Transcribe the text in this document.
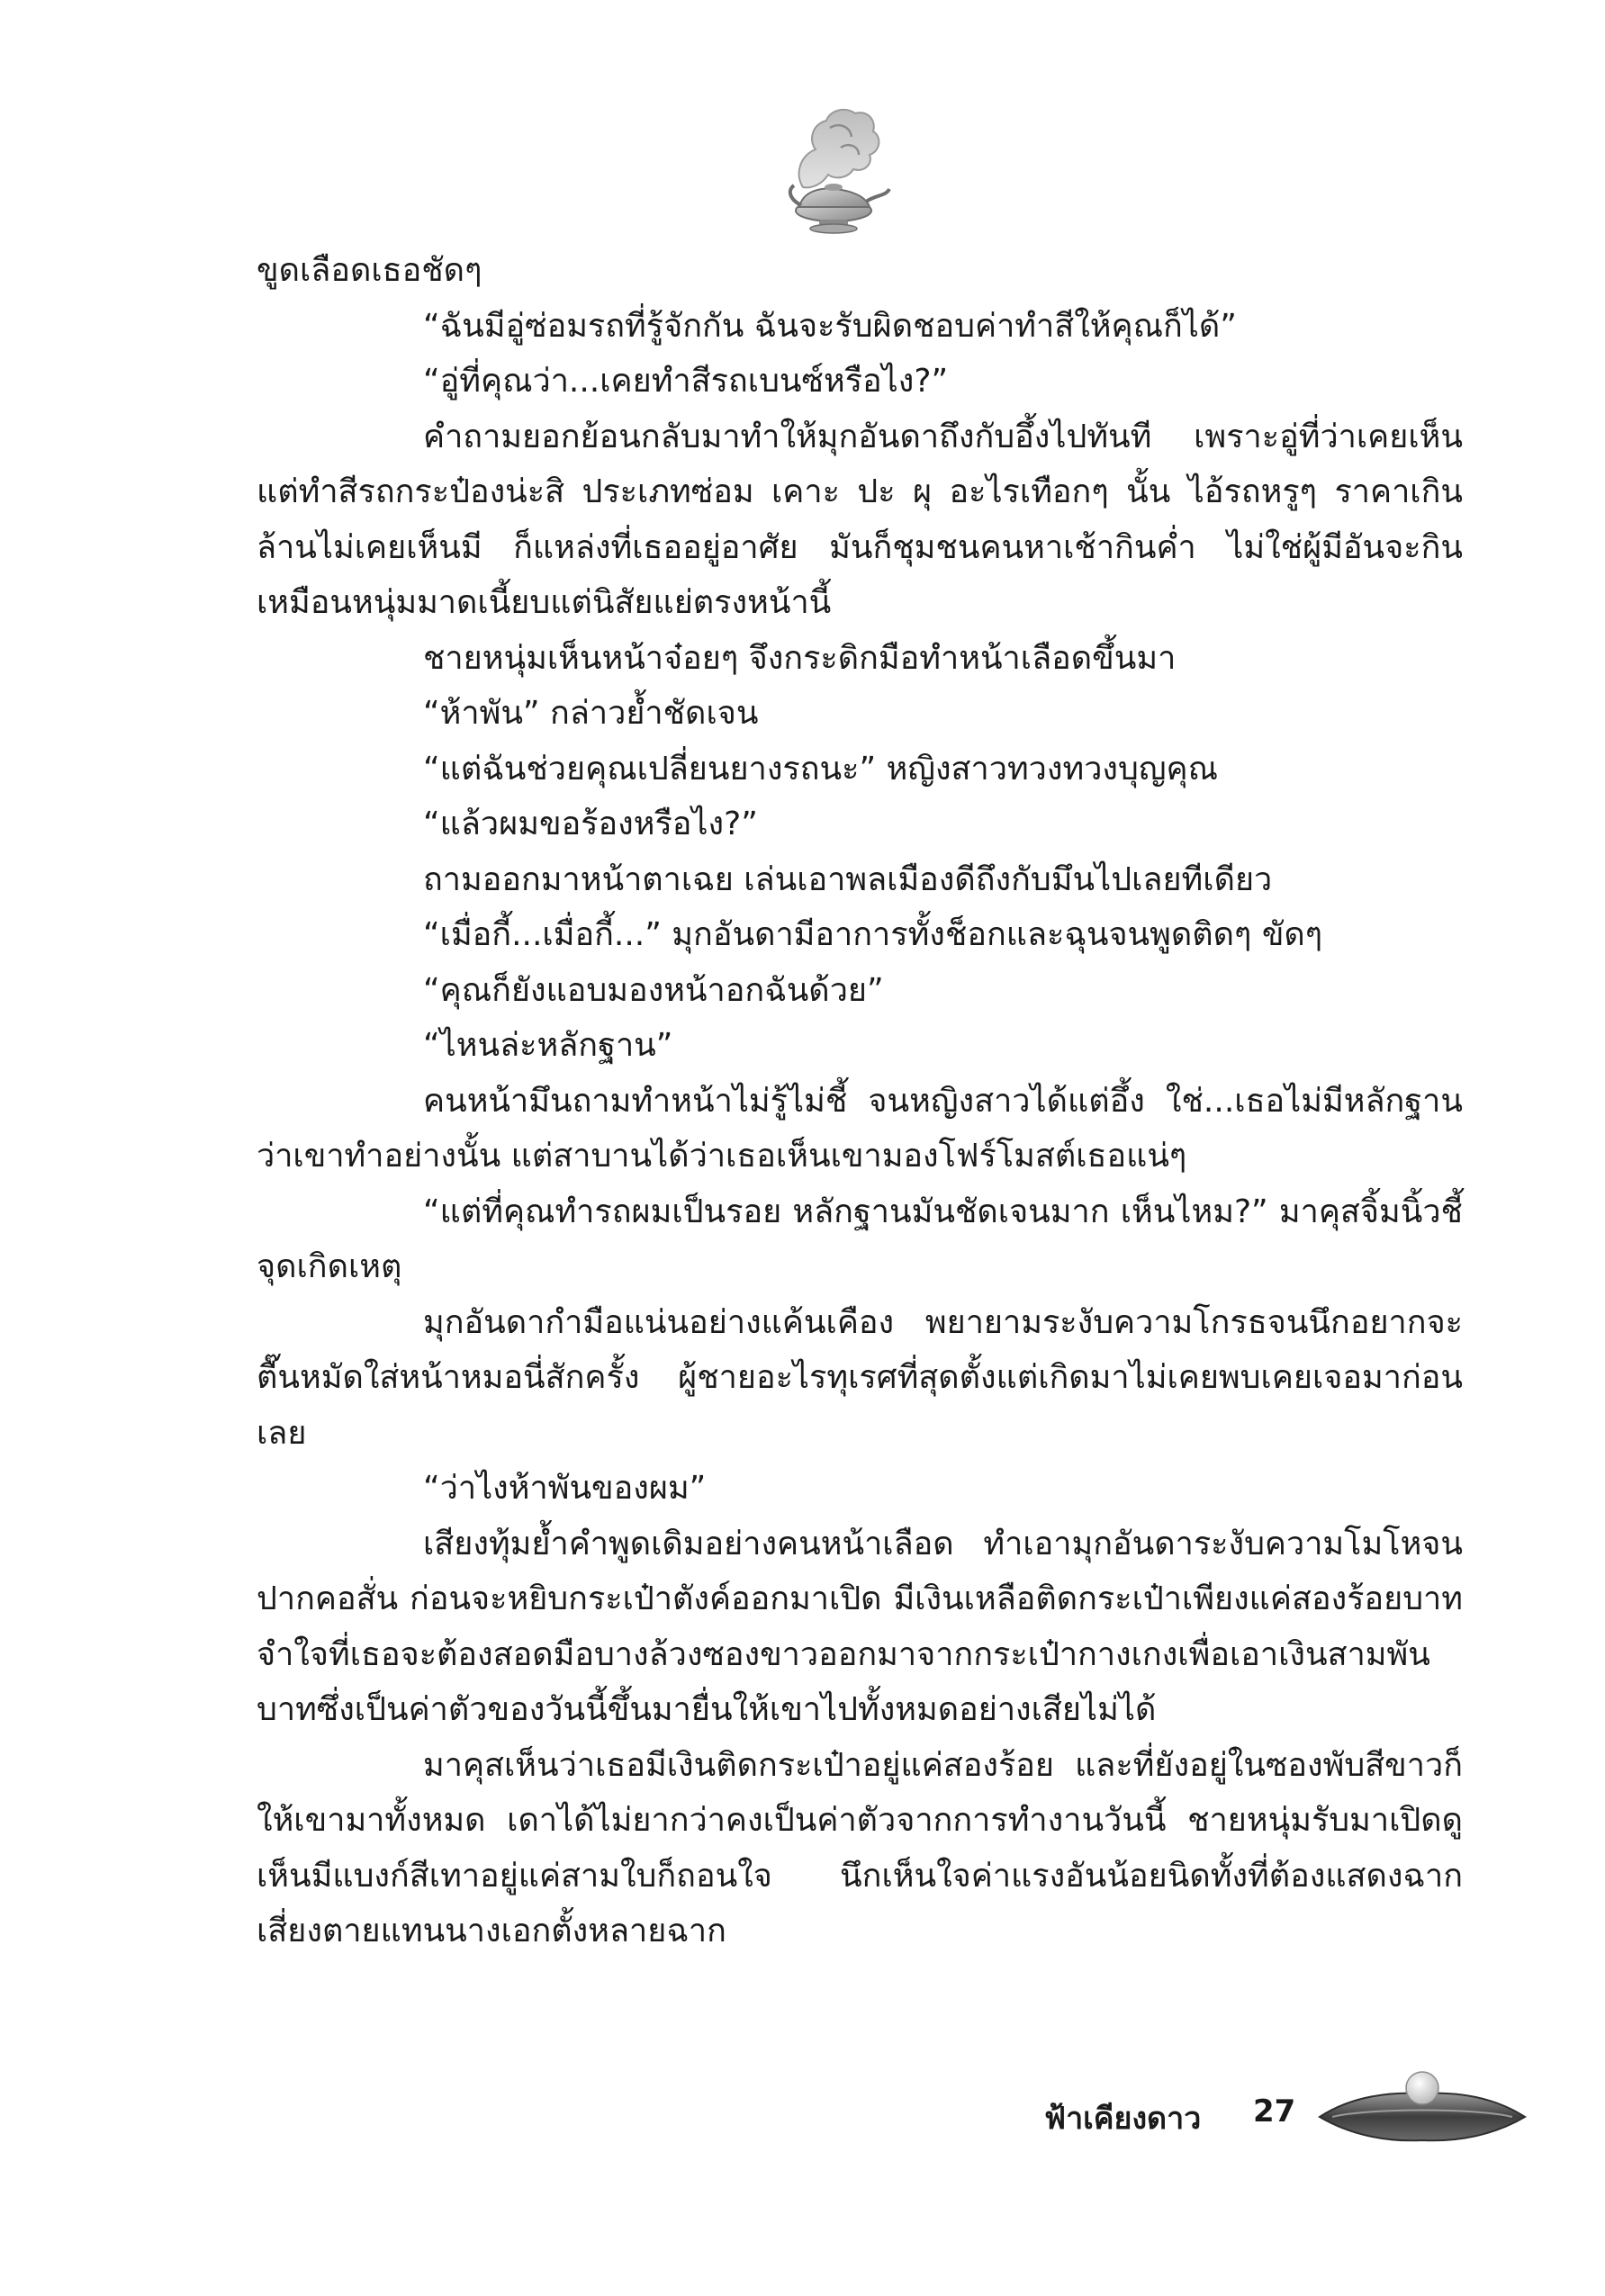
ขูดเลือดเธอชัดๆ

“ฉันมีอู่ซ่อมรถที่รู้จักกัน ฉันจะรับผิดชอบค่าทำสีให้คุณก็ได้”

“อู่ที่คุณว่า...เคยทำสีรถเบนซ์หรือไง?”

คำถามยอกย้อนกลับมาทำให้มุกอันดาถึงกับอึ้งไปทันที เพราะอู่ที่ว่าเคยเห็นแต่ทำสีรถกระป๋องน่ะสิ ประเภทซ่อม เคาะ ปะ ผุ อะไรเทือกๆ นั้น ไอ้รถหรูๆ ราคาเกินล้านไม่เคยเห็นมี ก็แหล่งที่เธออยู่อาศัย มันก็ชุมชนคนหาเช้ากินค่ำ ไม่ใช่ผู้มีอันจะกินเหมือนหนุ่มมาดเนี้ยบแต่นิสัยแย่ตรงหน้านี้

ชายหนุ่มเห็นหน้าจ๋อยๆ จึงกระดิกมือทำหน้าเลือดขึ้นมา

“ห้าพัน” กล่าวย้ำชัดเจน

“แต่ฉันช่วยคุณเปลี่ยนยางรถนะ” หญิงสาวทวงทวงบุญคุณ

“แล้วผมขอร้องหรือไง?”

ถามออกมาหน้าตาเฉย เล่นเอาพลเมืองดีถึงกับมึนไปเลยทีเดียว

“เมื่อกี้...เมื่อกี้...” มุกอันดามีอาการทั้งช็อกและฉุนจนพูดติดๆ ขัดๆ

“คุณก็ยังแอบมองหน้าอกฉันด้วย”

“ไหนล่ะหลักฐาน”

คนหน้ามึนถามทำหน้าไม่รู้ไม่ชี้ จนหญิงสาวได้แต่อึ้ง ใช่...เธอไม่มีหลักฐานว่าเขาทำอย่างนั้น แต่สาบานได้ว่าเธอเห็นเขามองโฟร์โมสต์เธอแน่ๆ

“แต่ที่คุณทำรถผมเป็นรอย หลักฐานมันชัดเจนมาก เห็นไหม?” มาคุสจิ้มนิ้วชี้จุดเกิดเหตุ

มุกอันดากำมือแน่นอย่างแค้นเคือง พยายามระงับความโกรธจนนึกอยากจะตื๊นหมัดใส่หน้าหมอนี่สักครั้ง ผู้ชายอะไรทุเรศที่สุดตั้งแต่เกิดมาไม่เคยพบเคยเจอมาก่อนเลย

“ว่าไงห้าพันของผม”

เสียงทุ้มย้ำคำพูดเดิมอย่างคนหน้าเลือด ทำเอามุกอันดาระงับความโมโหจนปากคอสั่น ก่อนจะหยิบกระเป๋าตังค์ออกมาเปิด มีเงินเหลือติดกระเป๋าเพียงแค่สองร้อยบาท จำใจที่เธอจะต้องสอดมือบางล้วงซองขาวออกมาจากกระเป๋ากางเกงเพื่อเอาเงินสามพันบาทซึ่งเป็นค่าตัวของวันนี้ขึ้นมายื่นให้เขาไปทั้งหมดอย่างเสียไม่ได้

มาคุสเห็นว่าเธอมีเงินติดกระเป๋าอยู่แค่สองร้อย และที่ยังอยู่ในซองพับสีขาวก็ให้เขามาทั้งหมด เดาได้ไม่ยากว่าคงเป็นค่าตัวจากการทำงานวันนี้ ชายหนุ่มรับมาเปิดดู เห็นมีแบงก์สีเทาอยู่แค่สามใบก็ถอนใจ นึกเห็นใจค่าแรงอันน้อยนิดทั้งที่ต้องแสดงฉากเสี่ยงตายแทนนางเอกตั้งหลายฉาก

ฟ้าเคียงดาว 27
